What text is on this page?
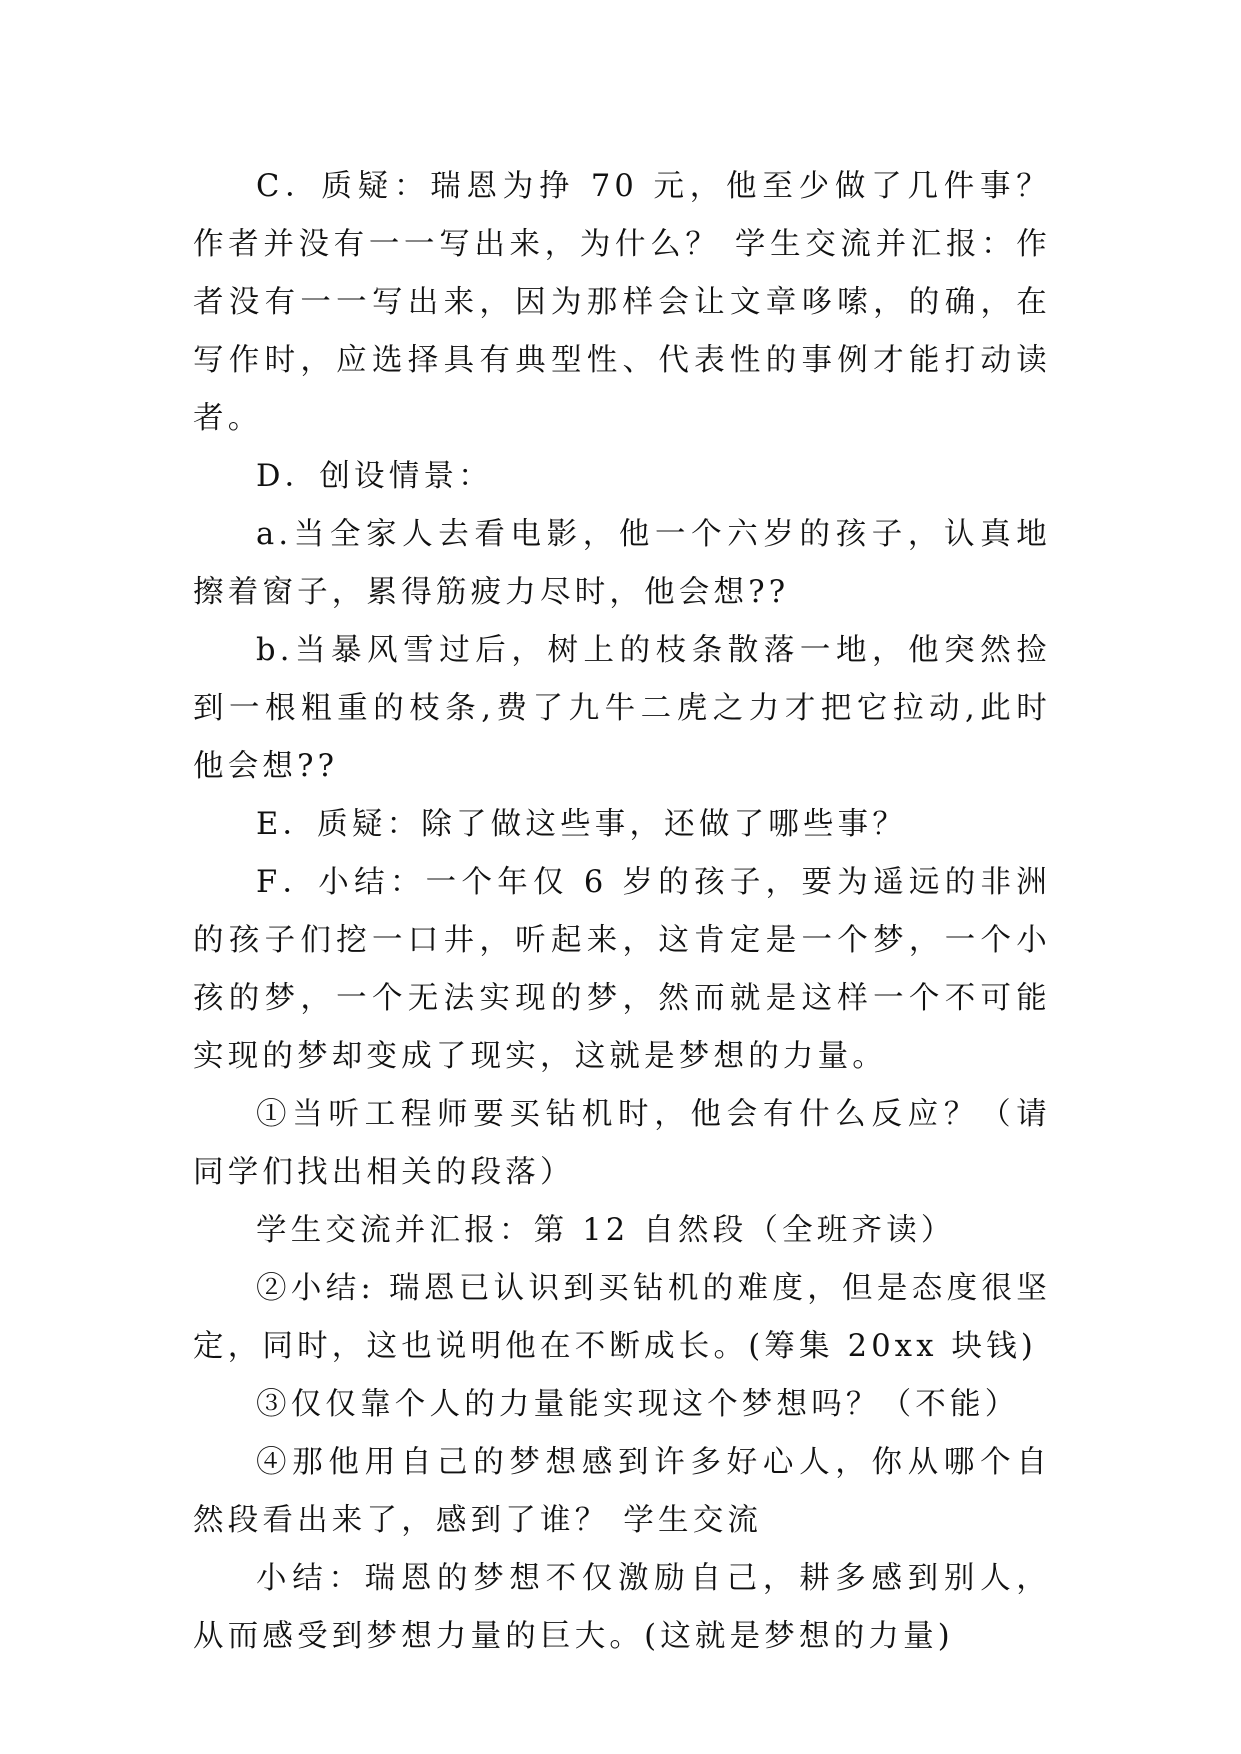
C．质疑：瑞恩为挣 70 元，他至少做了几件事？作者并没有一一写出来，为什么？ 学生交流并汇报：作者没有一一写出来，因为那样会让文章哆嗦，的确，在写作时，应选择具有典型性、代表性的事例才能打动读者。

D．创设情景：

a.当全家人去看电影，他一个六岁的孩子，认真地擦着窗子，累得筋疲力尽时，他会想??

b.当暴风雪过后，树上的枝条散落一地，他突然捡到一根粗重的枝条,费了九牛二虎之力才把它拉动,此时他会想??

E．质疑：除了做这些事，还做了哪些事？

F．小结：一个年仅 6 岁的孩子，要为遥远的非洲的孩子们挖一口井，听起来，这肯定是一个梦，一个小孩的梦，一个无法实现的梦，然而就是这样一个不可能实现的梦却变成了现实，这就是梦想的力量。

①当听工程师要买钻机时，他会有什么反应？（请同学们找出相关的段落）

学生交流并汇报：第 12 自然段（全班齐读）

②小结: 瑞恩已认识到买钻机的难度，但是态度很坚定，同时，这也说明他在不断成长。(筹集 20xx 块钱)

③仅仅靠个人的力量能实现这个梦想吗？（不能）

④那他用自己的梦想感到许多好心人，你从哪个自然段看出来了，感到了谁？ 学生交流

小结：瑞恩的梦想不仅激励自己，耕多感到别人，从而感受到梦想力量的巨大。(这就是梦想的力量)
